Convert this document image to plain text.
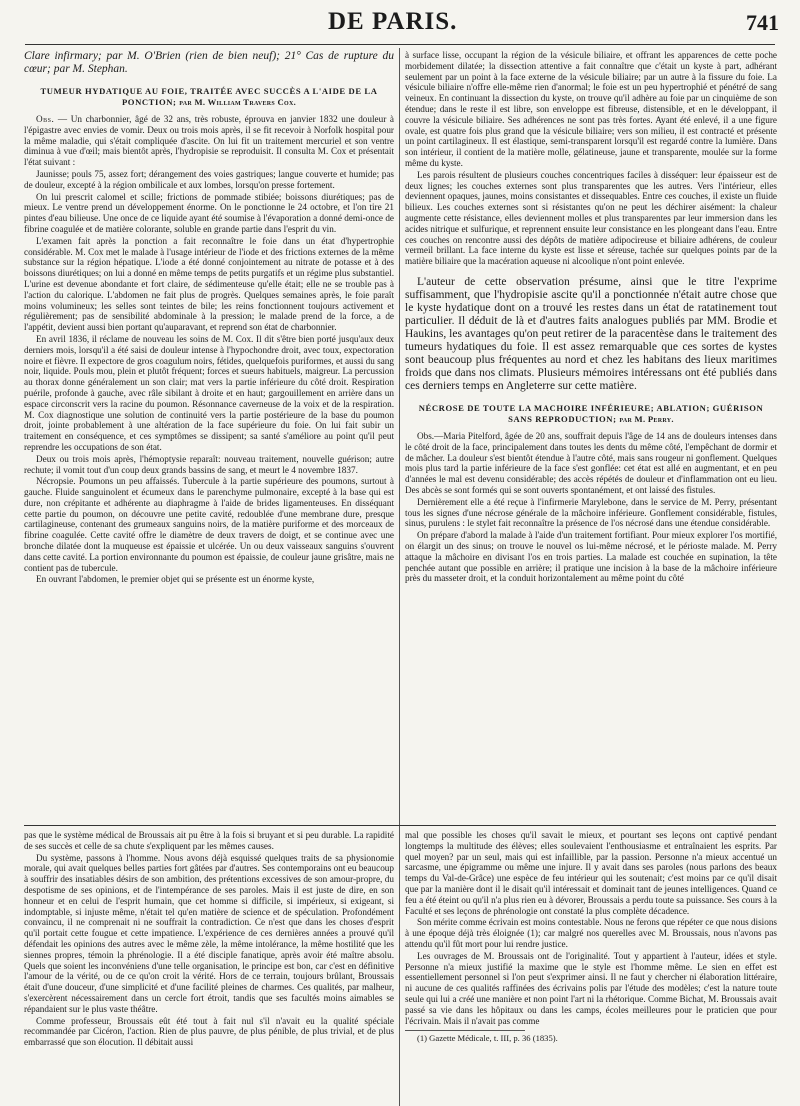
DE PARIS.	741

Clare infirmary; par M. O'Brien (rien de bien neuf); 21° Cas de rupture du cœur; par M. Stephan.

TUMEUR HYDATIQUE AU FOIE, TRAITÉE AVEC SUCCÈS A L'AIDE DE LA PONCTION; par M. William Travers Cox.

Obs. — Un charbonnier, âgé de 32 ans, très robuste, éprouva en janvier 1832 une douleur à l'épigastre avec envies de vomir. Deux ou trois mois après, il se fit recevoir à Norfolk hospital pour la même maladie, qui s'était compliquée d'ascite. On lui fit un traitement mercuriel et son ventre diminua à vue d'œil; mais bientôt après, l'hydropisie se reproduisit. Il consulta M. Cox et présentait l'état suivant :

Jaunisse; pouls 75, assez fort; dérangement des voies gastriques; langue couverte et humide; pas de douleur, excepté à la région ombilicale et aux lombes, lorsqu'on presse fortement.

On lui prescrit calomel et scille; frictions de pommade stibiée; boissons diurétiques; pas de mieux. Le ventre prend un développement énorme. On le ponctionne le 24 octobre, et l'on tire 21 pintes d'eau bilieuse. Une once de ce liquide ayant été soumise à l'évaporation a donné demi-once de fibrine coagulée et de matière colorante, soluble en grande partie dans l'esprit du vin.

L'examen fait après la ponction a fait reconnaître le foie dans un état d'hypertrophie considérable. M. Cox met le malade à l'usage intérieur de l'iode et des frictions externes de la même substance sur la région hépatique. L'iode a été donné conjointement au nitrate de potasse et à des boissons diurétiques; on lui a donné en même temps de petits purgatifs et un régime plus substantiel. L'urine est devenue abondante et fort claire, de sédimenteuse qu'elle était; elle ne se trouble pas à l'action du calorique. L'abdomen ne fait plus de progrès. Quelques semaines après, le foie paraît moins volumineux; les selles sont teintes de bile; les reins fonctionnent toujours activement et régulièrement; pas de sensibilité abdominale à la pression; le malade prend de la force, a de l'appétit, devient aussi bien portant qu'auparavant, et reprend son état de charbonnier.

En avril 1836, il réclame de nouveau les soins de M. Cox. Il dit s'être bien porté jusqu'aux deux derniers mois, lorsqu'il a été saisi de douleur intense à l'hypochondre droit, avec toux, expectoration noire et fièvre. Il expectore de gros coagulum noirs, fétides, quelquefois puriformes, et aussi du sang noir, liquide. Pouls mou, plein et plutôt fréquent; forces et sueurs habituels, maigreur. La percussion au thorax donne généralement un son clair; mat vers la partie inférieure du côté droit. Respiration puérile, profonde à gauche, avec râle sibilant à droite et en haut; gargouillement en arrière dans un espace circonscrit vers la racine du poumon. Résonnance caverneuse de la voix et de la respiration. M. Cox diagnostique une solution de continuité vers la partie postérieure de la base du poumon droit, jointe probablement à une altération de la face supérieure du foie. On lui fait subir un traitement en conséquence, et ces symptômes se dissipent; sa santé s'améliore au point qu'il peut reprendre les occupations de son état.

Deux ou trois mois après, l'hémoptysie reparaît: nouveau traitement, nouvelle guérison; autre rechute; il vomit tout d'un coup deux grands bassins de sang, et meurt le 4 novembre 1837.

Nécropsie. Poumons un peu affaissés. Tubercule à la partie supérieure des poumons, surtout à gauche. Fluide sanguinolent et écumeux dans le parenchyme pulmonaire, excepté à la base qui est dure, non crépitante et adhérente au diaphragme à l'aide de brides ligamenteuses. En disséquant cette partie du poumon, on découvre une petite cavité, redoublée d'une membrane dure, presque cartilagineuse, contenant des grumeaux sanguins noirs, de la matière puriforme et des morceaux de fibrine coagulée. Cette cavité offre le diamètre de deux travers de doigt, et se continue avec une bronche dilatée dont la muqueuse est épaissie et ulcérée. Un ou deux vaisseaux sanguins s'ouvrent dans cette cavité. La portion environnante du poumon est épaissie, de couleur jaune grisâtre, mais ne contient pas de tubercule.

En ouvrant l'abdomen, le premier objet qui se présente est un énorme kyste,

à surface lisse, occupant la région de la vésicule biliaire, et offrant les apparences de cette poche morbidement dilatée; la dissection attentive a fait connaître que c'était un kyste à part, adhérant seulement par un point à la face externe de la vésicule biliaire; par un autre à la fissure du foie. La vésicule biliaire n'offre elle-même rien d'anormal; le foie est un peu hypertrophié et pénétré de sang veineux. En continuant la dissection du kyste, on trouve qu'il adhère au foie par un cinquième de son étendue; dans le reste il est libre, son enveloppe est fibreuse, distensible, et en le développant, il couvre la vésicule biliaire. Ses adhérences ne sont pas très fortes. Ayant été enlevé, il a une figure ovale, est quatre fois plus grand que la vésicule biliaire; vers son milieu, il est contracté et présente un point cartilagineux. Il est élastique, semi-transparent lorsqu'il est regardé contre la lumière. Dans son intérieur, il contient de la matière molle, gélatineuse, jaune et transparente, moulée sur la forme même du kyste.

Les parois résultent de plusieurs couches concentriques faciles à disséquer: leur épaisseur est de deux lignes; les couches externes sont plus transparentes que les autres. Vers l'intérieur, elles deviennent opaques, jaunes, moins consistantes et dissequables. Entre ces couches, il existe un fluide bilieux. Les couches externes sont si résistantes qu'on ne peut les déchirer aisément: la chaleur augmente cette résistance, elles deviennent molles et plus transparentes par leur immersion dans les acides nitrique et sulfurique, et reprennent ensuite leur consistance en les plongeant dans l'eau. Entre ces couches on rencontre aussi des dépôts de matière adipocireuse et biliaire adhérens, de couleur vermeil brillant. La face interne du kyste est lisse et séreuse, tachée sur quelques points par de la matière biliaire que la macération aqueuse ni alcoolique n'ont point enlevée.

L'auteur de cette observation présume, ainsi que le titre l'exprime suffisamment, que l'hydropisie ascite qu'il a ponctionnée n'était autre chose que le kyste hydatique dont on a trouvé les restes dans un état de ratatinement tout particulier. Il déduit de là et d'autres faits analogues publiés par MM. Brodie et Haukins, les avantages qu'on peut retirer de la paracentèse dans le traitement des tumeurs hydatiques du foie. Il est assez remarquable que ces sortes de kystes sont beaucoup plus fréquentes au nord et chez les habitans des lieux maritimes froids que dans nos climats. Plusieurs mémoires intéressans ont été publiés dans ces derniers temps en Angleterre sur cette matière.

NÉCROSE DE TOUTE LA MACHOIRE INFÉRIEURE; ABLATION; GUÉRISON SANS REPRODUCTION; par M. Perry.

Obs.—Maria Pitelford, âgée de 20 ans, souffrait depuis l'âge de 14 ans de douleurs intenses dans le côté droit de la face, principalement dans toutes les dents du même côté, l'empêchant de dormir et de mâcher. La douleur s'est bientôt étendue à l'autre côté, mais sans rougeur ni gonflement. Quelques mois plus tard la partie inférieure de la face s'est gonflée: cet état est allé en augmentant, et en peu d'années le mal est devenu considérable; des accès répétés de douleur et d'inflammation ont eu lieu. Des abcès se sont formés qui se sont ouverts spontanément, et ont laissé des fistules.

Dernièrement elle a été reçue à l'infirmerie Marylebone, dans le service de M. Perry, présentant tous les signes d'une nécrose générale de la mâchoire inférieure. Gonflement considérable, fistules, sinus, purulens : le stylet fait reconnaître la présence de l'os nécrosé dans une étendue considérable.

On prépare d'abord la malade à l'aide d'un traitement fortifiant. Pour mieux explorer l'os mortifié, on élargit un des sinus; on trouve le nouvel os lui-même nécrosé, et le périoste malade. M. Perry attaque la mâchoire en divisant l'os en trois parties. La malade est couchée en supination, la tête penchée autant que possible en arrière; il pratique une incision à la base de la mâchoire inférieure près du masseter droit, et la conduit horizontalement au même point du côté

pas que le système médical de Broussais ait pu être à la fois si bruyant et si peu durable. La rapidité de ses succès et celle de sa chute s'expliquent par les mêmes causes.

Du système, passons à l'homme. Nous avons déjà esquissé quelques traits de sa physionomie morale, qui avait quelques belles parties fort gâtées par d'autres. Ses contemporains ont eu beaucoup à souffrir des insatiables désirs de son ambition, des prétentions excessives de son amour-propre, du despotisme de ses opinions, et de l'intempérance de ses paroles. Mais il est juste de dire, en son honneur et en celui de l'esprit humain, que cet homme si difficile, si impérieux, si exigeant, si indomptable, si injuste même, n'était tel qu'en matière de science et de spéculation. Profondément convaincu, il ne comprenait ni ne souffrait la contradiction. Ce n'est que dans les choses d'esprit qu'il portait cette fougue et cette impatience. L'expérience de ces dernières années a prouvé qu'il défendait les opinions des autres avec le même zèle, la même intolérance, la même hostilité que les siennes propres, témoin la phrénologie. Il a été disciple fanatique, après avoir été maître absolu. Quels que soient les inconvéniens d'une telle organisation, le principe est bon, car c'est en définitive l'amour de la vérité, ou de ce qu'on croit la vérité. Hors de ce terrain, toujours brûlant, Broussais était d'une douceur, d'une simplicité et d'une facilité pleines de charmes. Ces qualités, par malheur, s'exercèrent nécessairement dans un cercle fort étroit, tandis que ses facultés moins aimables se répandaient sur le plus vaste théâtre.

Comme professeur, Broussais eût été tout à fait nul s'il n'avait eu la qualité spéciale recommandée par Cicéron, l'action. Rien de plus pauvre, de plus pénible, de plus trivial, et de plus embarrassé que son élocution. Il débitait aussi

mal que possible les choses qu'il savait le mieux, et pourtant ses leçons ont captivé pendant longtemps la multitude des élèves; elles soulevaient l'enthousiasme et entraînaient les esprits. Par quel moyen? par un seul, mais qui est infaillible, par la passion. Personne n'a mieux accentué un sarcasme, une épigramme ou même une injure. Il y avait dans ses paroles (nous parlons des beaux temps du Val-de-Grâce) une espèce de feu intérieur qui les soutenait; c'est moins par ce qu'il disait que par la manière dont il le disait qu'il intéressait et dominait tant de jeunes intelligences. Quand ce feu a été éteint ou qu'il n'a plus rien eu à dévorer, Broussais a perdu toute sa puissance. Ses cours à la Faculté et ses leçons de phrénologie ont constaté la plus complète décadence.

Son mérite comme écrivain est moins contestable. Nous ne ferons que répéter ce que nous disions à une époque déjà très éloignée (1); car malgré nos querelles avec M. Broussais, nous n'avons pas attendu qu'il fût mort pour lui rendre justice.

Les ouvrages de M. Broussais ont de l'originalité. Tout y appartient à l'auteur, idées et style. Personne n'a mieux justifié la maxime que le style est l'homme même. Le sien en effet est essentiellement personnel si l'on peut s'exprimer ainsi. Il ne faut y chercher ni élaboration littéraire, ni aucune de ces qualités raffinées des écrivains polis par l'étude des modèles; c'est la nature toute seule qui lui a créé une manière et non point l'art ni la rhétorique. Comme Bichat, M. Broussais avait passé sa vie dans les hôpitaux ou dans les camps, écoles meilleures pour le praticien que pour l'écrivain. Mais il n'avait pas comme

(1) Gazette Médicale, t. III, p. 36 (1835).
